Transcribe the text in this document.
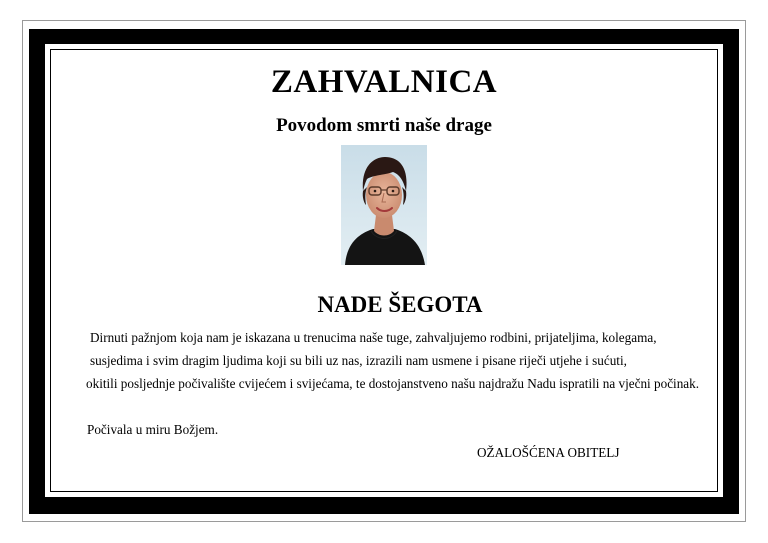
ZAHVALNICA
Povodom smrti naše drage
NADE ŠEGOTA

Dirnuti pažnjom koja nam je iskazana u trenucima naše tuge, zahvaljujemo rodbini, prijateljima, kolegama,

susjedima i svim dragim ljudima koji su bili uz nas, izrazili nam usmene i pisane riječi utjehe i sućuti,

okitili posljednje počivalište cvijećem i svijećama, te dostojanstveno našu najdražu Nadu ispratili na vječni počinak.

Počivala u miru Božjem.

OŽALOŠĆENA OBITELJ
